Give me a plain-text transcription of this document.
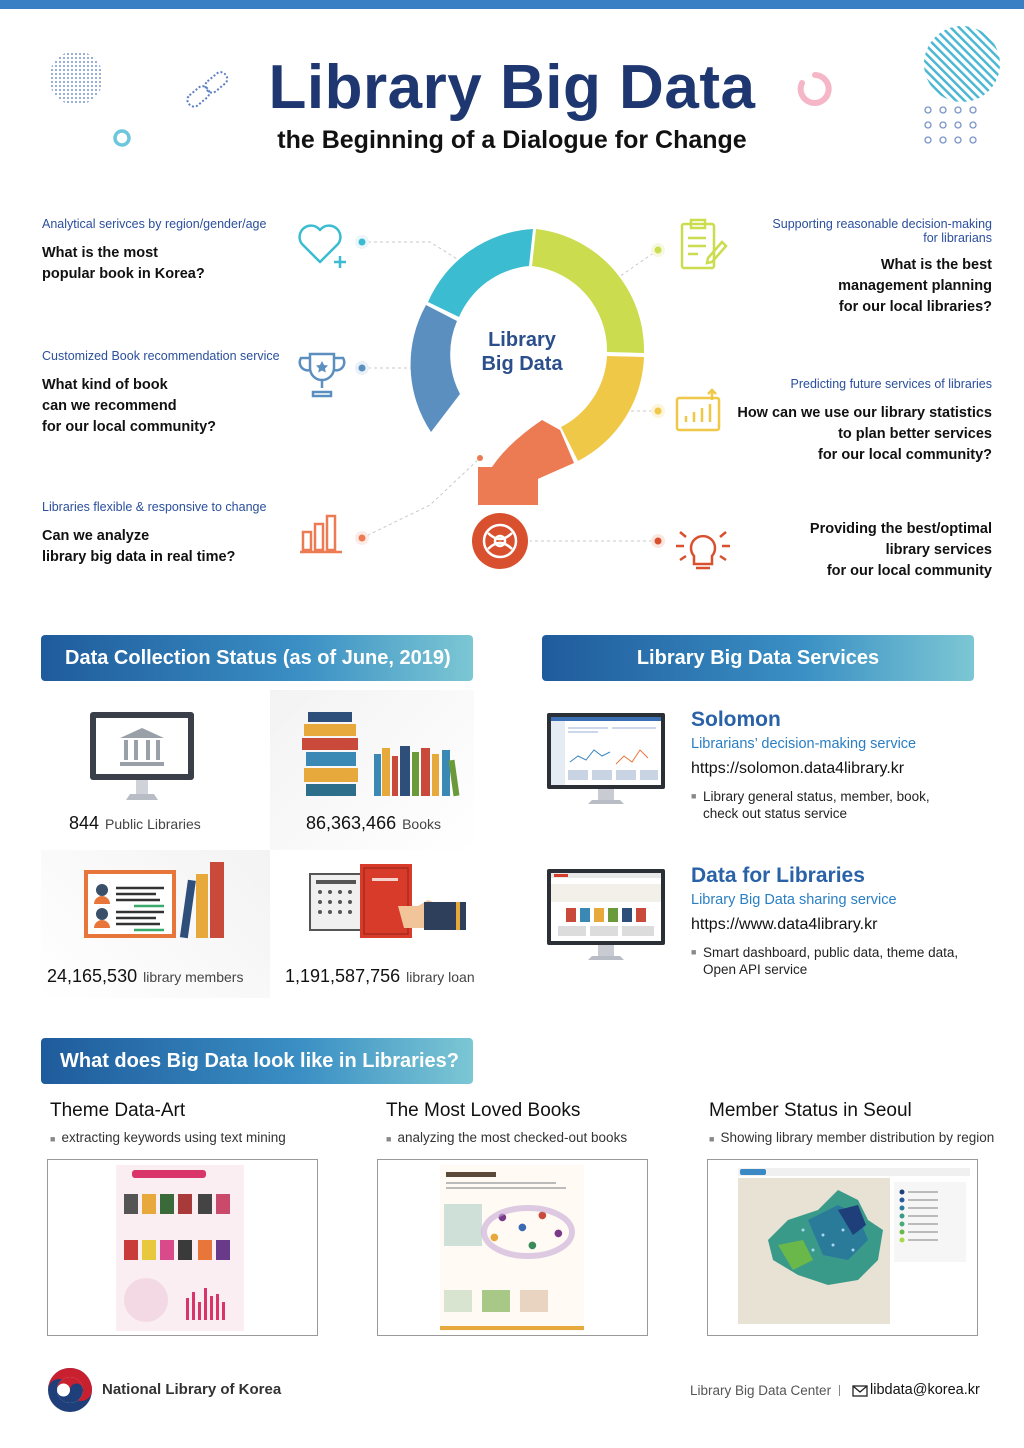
Library Big Data
the Beginning of a Dialogue for Change
Library
Big Data
Analytical serivces by region/gender/age
What is the most
popular book in Korea?
Customized Book recommendation service
What kind of book
can we recommend
for our local community?
Libraries flexible & responsive to change
Can we analyze
library big data in real time?
Supporting reasonable decision-making
for librarians
What is the best
management planning
for our local libraries?
Predicting future services of libraries
How can we use our library statistics
to plan better services
for our local community?
Providing the best/optimal
library services
for our local community
Data Collection Status (as of June, 2019)
844 Public Libraries	86,363,466 Books
24,165,530 library members 1,191,587,756 library loan
Library Big Data Services
Solomon
Librarians’ decision-making service
https://solomon.data4library.kr
■ Library general status, member, book,
check out status service
Data for Libraries
Library Big Data sharing service
https://www.data4library.kr
■ Smart dashboard, public data, theme data,
Open API service
What does Big Data look like in Libraries?
Theme Data-Art
■ extracting keywords using text mining
The Most Loved Books
■ analyzing the most checked-out books
Member Status in Seoul
■ Showing library member distribution by region
●
●
●
●
●
●
National Library of Korea	Library Big Data Center	libdata@korea.kr
